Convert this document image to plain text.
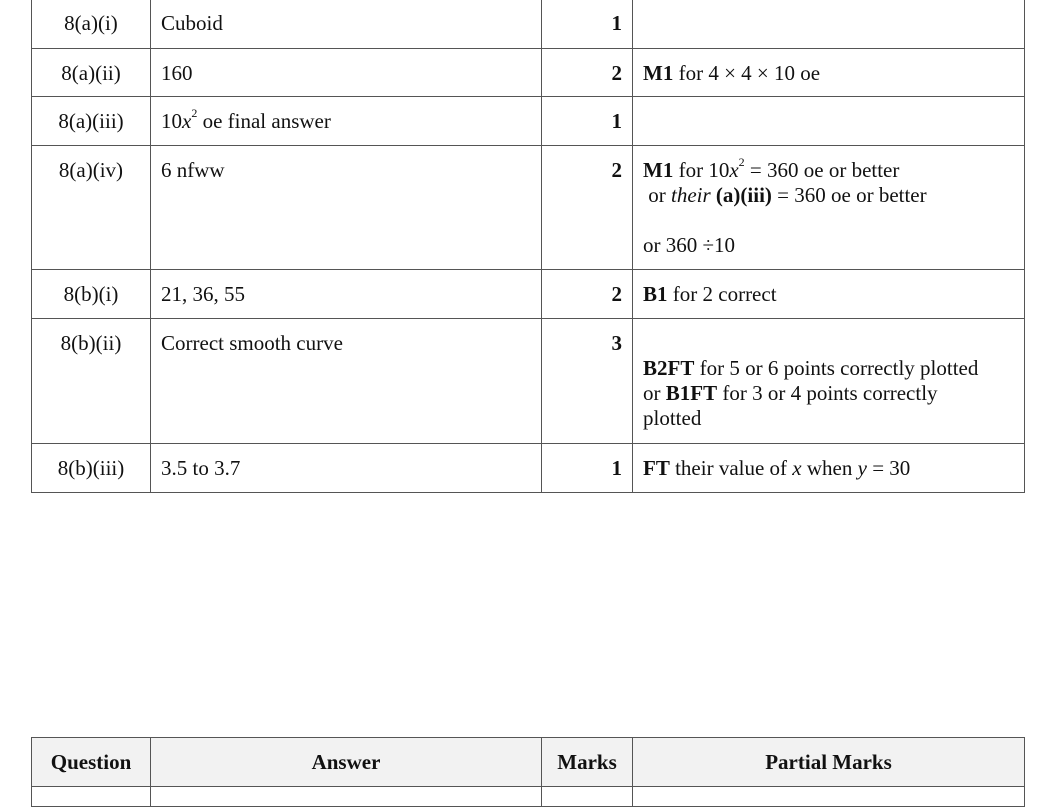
8(a)(i)	Cuboid	1	
8(a)(ii)	160	2	M1 for 4 × 4 × 10 oe
8(a)(iii)	$10x^2$ oe final answer	1	
8(a)(iv)	6 nfww	2	M1 for $10x^2 = 360$ oe or better
or their (a)(iii) = 360 oe or better
or 360 ÷10

8(b)(i)	21, 36, 55	2	B1 for 2 correct
8(b)(ii)	Correct smooth curve	3	B2FT for 5 or 6 points correctly plotted
or B1FT for 3 or 4 points correctly
plotted

8(b)(iii)	3.5 to 3.7	1	FT their value of x when y = 30
Question	Answer	Marks	Partial Marks
